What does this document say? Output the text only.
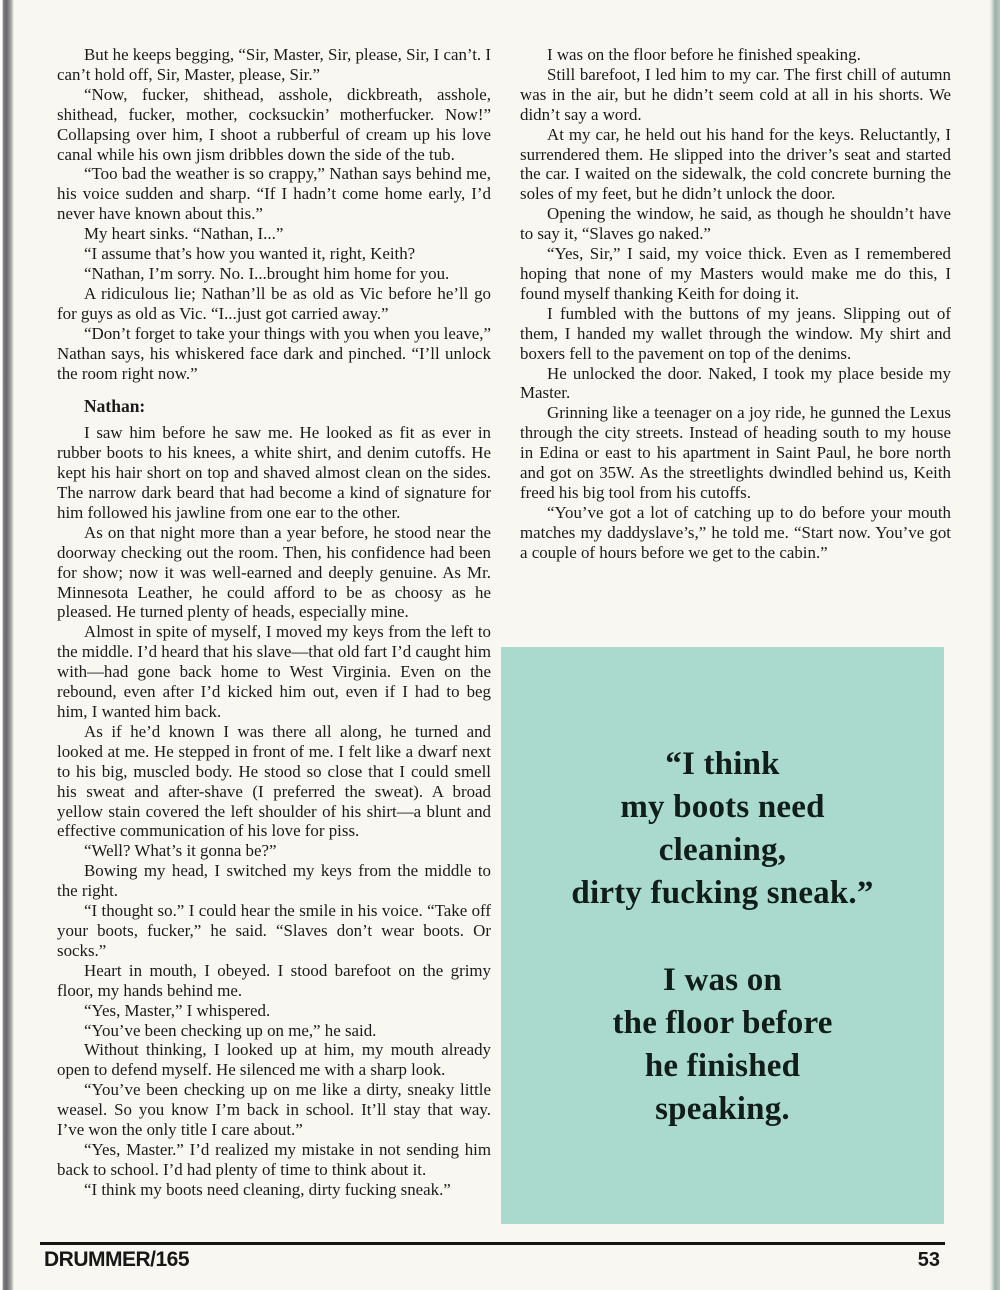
But he keeps begging, “Sir, Master, Sir, please, Sir, I can’t. I can’t hold off, Sir, Master, please, Sir.”

“Now, fucker, shithead, asshole, dickbreath, asshole, shithead, fucker, mother, cocksuckin’ motherfucker. Now!” Collapsing over him, I shoot a rubberful of cream up his love canal while his own jism dribbles down the side of the tub.

“Too bad the weather is so crappy,” Nathan says behind me, his voice sudden and sharp. “If I hadn’t come home early, I’d never have known about this.”

My heart sinks. “Nathan, I...”

“I assume that’s how you wanted it, right, Keith?

“Nathan, I’m sorry. No. I...brought him home for you.

A ridiculous lie; Nathan’ll be as old as Vic before he’ll go for guys as old as Vic. “I...just got carried away.”

“Don’t forget to take your things with you when you leave,” Nathan says, his whiskered face dark and pinched. “I’ll unlock the room right now.”

Nathan:

I saw him before he saw me. He looked as fit as ever in rubber boots to his knees, a white shirt, and denim cutoffs. He kept his hair short on top and shaved almost clean on the sides. The narrow dark beard that had become a kind of signature for him followed his jawline from one ear to the other.

As on that night more than a year before, he stood near the doorway checking out the room. Then, his confidence had been for show; now it was well-earned and deeply genuine. As Mr. Minnesota Leather, he could afford to be as choosy as he pleased. He turned plenty of heads, especially mine.

Almost in spite of myself, I moved my keys from the left to the middle. I’d heard that his slave—that old fart I’d caught him with—had gone back home to West Virginia. Even on the rebound, even after I’d kicked him out, even if I had to beg him, I wanted him back.

As if he’d known I was there all along, he turned and looked at me. He stepped in front of me. I felt like a dwarf next to his big, muscled body. He stood so close that I could smell his sweat and after-shave (I preferred the sweat). A broad yellow stain covered the left shoulder of his shirt—a blunt and effective communication of his love for piss.

“Well? What’s it gonna be?”

Bowing my head, I switched my keys from the middle to the right.

“I thought so.” I could hear the smile in his voice. “Take off your boots, fucker,” he said. “Slaves don’t wear boots. Or socks.”

Heart in mouth, I obeyed. I stood barefoot on the grimy floor, my hands behind me.

“Yes, Master,” I whispered.

“You’ve been checking up on me,” he said.

Without thinking, I looked up at him, my mouth already open to defend myself. He silenced me with a sharp look.

“You’ve been checking up on me like a dirty, sneaky little weasel. So you know I’m back in school. It’ll stay that way. I’ve won the only title I care about.”

“Yes, Master.” I’d realized my mistake in not sending him back to school. I’d had plenty of time to think about it.

“I think my boots need cleaning, dirty fucking sneak.”

I was on the floor before he finished speaking.

Still barefoot, I led him to my car. The first chill of autumn was in the air, but he didn’t seem cold at all in his shorts. We didn’t say a word.

At my car, he held out his hand for the keys. Reluctantly, I surrendered them. He slipped into the driver’s seat and started the car. I waited on the sidewalk, the cold concrete burning the soles of my feet, but he didn’t unlock the door.

Opening the window, he said, as though he shouldn’t have to say it, “Slaves go naked.”

“Yes, Sir,” I said, my voice thick. Even as I remembered hoping that none of my Masters would make me do this, I found myself thanking Keith for doing it.

I fumbled with the buttons of my jeans. Slipping out of them, I handed my wallet through the window. My shirt and boxers fell to the pavement on top of the denims.

He unlocked the door. Naked, I took my place beside my Master.

Grinning like a teenager on a joy ride, he gunned the Lexus through the city streets. Instead of heading south to my house in Edina or east to his apartment in Saint Paul, he bore north and got on 35W. As the streetlights dwindled behind us, Keith freed his big tool from his cutoffs.

“You’ve got a lot of catching up to do before your mouth matches my daddyslave’s,” he told me. “Start now. You’ve got a couple of hours before we get to the cabin.”

“I think
my boots need
cleaning,
dirty fucking sneak.”
I was on
the floor before
he finished
speaking.
DRUMMER/165	53
